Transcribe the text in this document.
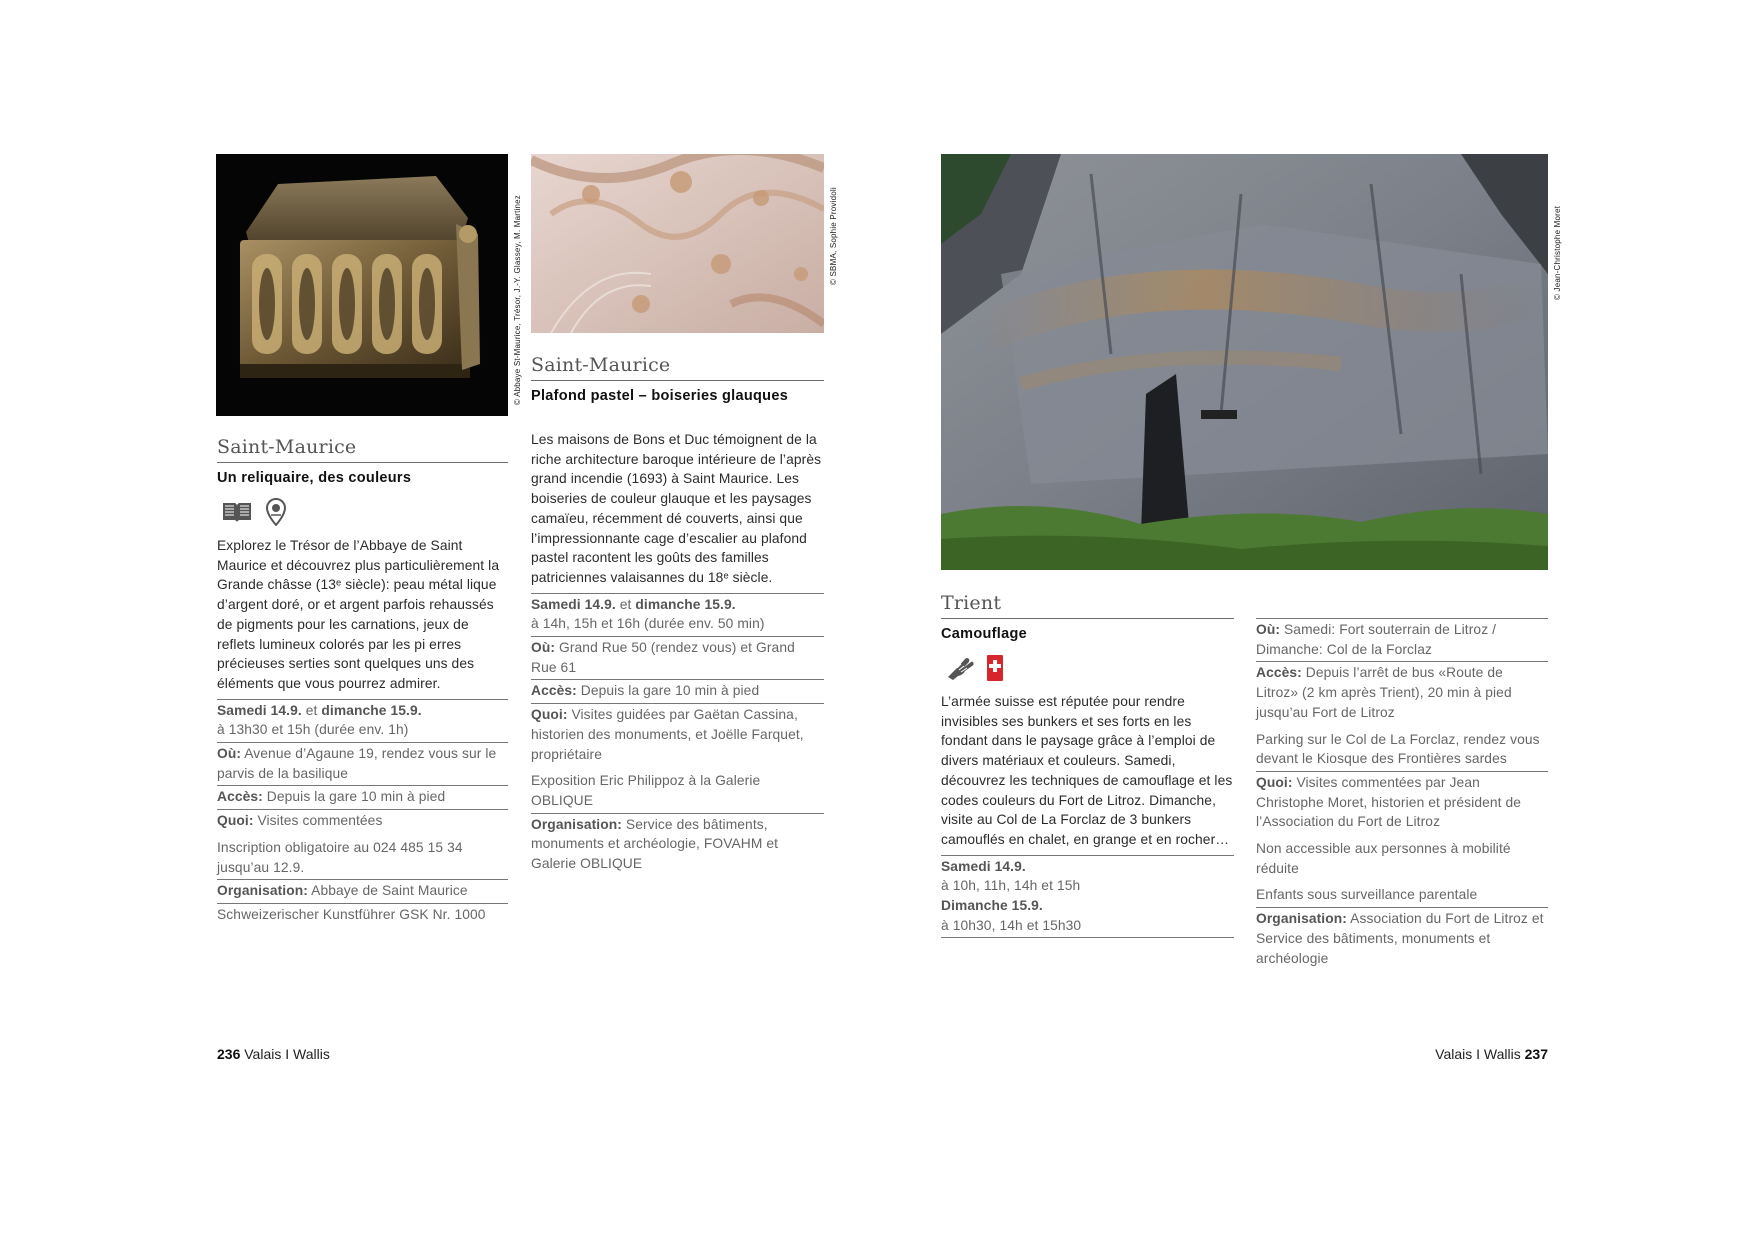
© Abbaye St-Maurice, Trésor, J.-Y. Glassey, M. Martinez
Saint-Maurice
Un reliquaire, des couleurs

Explorez le Trésor de l’Abbaye de Saint Maurice et découvrez plus particulièrement la Grande châsse (13ᵉ siècle): peau métal lique d’argent doré, or et argent parfois rehaussés de pigments pour les carnations, jeux de reflets lumineux colorés par les pi erres précieuses serties sont quelques uns des éléments que vous pourrez admirer.

Samedi 14.9. et dimanche 15.9.
à 13h30 et 15h (durée env. 1h)
Où: Avenue d’Agaune 19, rendez vous sur le parvis de la basilique
Accès: Depuis la gare 10 min à pied
Quoi: Visites commentées
Inscription obligatoire au 024 485 15 34 jusqu’au 12.9.
Organisation: Abbaye de Saint Maurice
Schweizerischer Kunstführer GSK Nr. 1000
© SBMA, Sophie Providoli
Saint-Maurice
Plafond pastel – boiseries glauques

Les maisons de Bons et Duc témoignent de la riche architecture baroque intérieure de l’après grand incendie (1693) à Saint Maurice. Les boiseries de couleur glauque et les paysages camaïeu, récemment dé couverts, ainsi que l’impressionnante cage d’escalier au plafond pastel racontent les goûts des familles patriciennes valaisannes du 18ᵉ siècle.

Samedi 14.9. et dimanche 15.9.
à 14h, 15h et 16h (durée env. 50 min)
Où: Grand Rue 50 (rendez vous) et Grand Rue 61
Accès: Depuis la gare 10 min à pied
Quoi: Visites guidées par Gaëtan Cassina, historien des monuments, et Joëlle Farquet, propriétaire
Exposition Eric Philippoz à la Galerie OBLIQUE
Organisation: Service des bâtiments, monuments et archéologie, FOVAHM et Galerie OBLIQUE
© Jean-Christophe Moret
Trient
Camouflage

L’armée suisse est réputée pour rendre invisibles ses bunkers et ses forts en les fondant dans le paysage grâce à l’emploi de divers matériaux et couleurs. Samedi, découvrez les techniques de camouflage et les codes couleurs du Fort de Litroz. Dimanche, visite au Col de La Forclaz de 3 bunkers camouflés en chalet, en grange et en rocher…

Samedi 14.9.
à 10h, 11h, 14h et 15h
Dimanche 15.9.
à 10h30, 14h et 15h30
Où: Samedi: Fort souterrain de Litroz / Dimanche: Col de la Forclaz
Accès: Depuis l’arrêt de bus «Route de Litroz» (2 km après Trient), 20 min à pied jusqu’au Fort de Litroz
Parking sur le Col de La Forclaz, rendez vous devant le Kiosque des Frontières sardes
Quoi: Visites commentées par Jean Christophe Moret, historien et président de l’Association du Fort de Litroz
Non accessible aux personnes à mobilité réduite
Enfants sous surveillance parentale
Organisation: Association du Fort de Litroz et Service des bâtiments, monuments et archéologie
236 Valais I Wallis	Valais I Wallis 237
